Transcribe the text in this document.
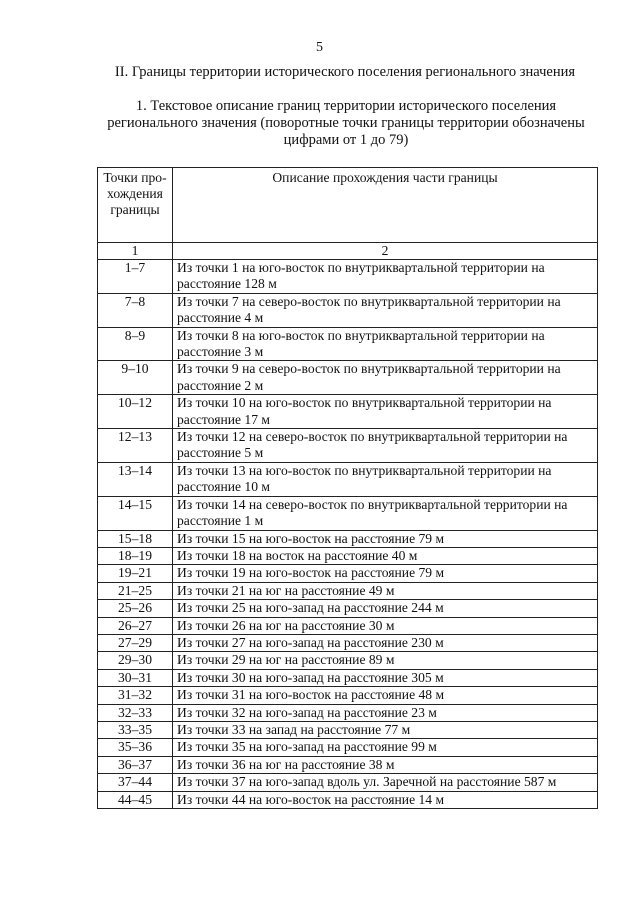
5
II. Границы территории исторического поселения регионального значения
1. Текстовое описание границ территории исторического поселения регионального значения (поворотные точки границы территории обозначены цифрами от 1 до 79)
Точки про-хождения границы	Описание прохождения части границы
1	2
1–7	Из точки 1 на юго-восток по внутриквартальной территории на расстояние 128 м
7–8	Из точки 7 на северо-восток по внутриквартальной территории на расстояние 4 м
8–9	Из точки 8 на юго-восток по внутриквартальной территории на расстояние 3 м
9–10	Из точки 9 на северо-восток по внутриквартальной территории на расстояние 2 м
10–12	Из точки 10 на юго-восток по внутриквартальной территории на расстояние 17 м
12–13	Из точки 12 на северо-восток по внутриквартальной территории на расстояние 5 м
13–14	Из точки 13 на юго-восток по внутриквартальной территории на расстояние 10 м
14–15	Из точки 14 на северо-восток по внутриквартальной территории на расстояние 1 м
15–18	Из точки 15 на юго-восток на расстояние 79 м
18–19	Из точки 18 на восток на расстояние 40 м
19–21	Из точки 19 на юго-восток на расстояние 79 м
21–25	Из точки 21 на юг на расстояние 49 м
25–26	Из точки 25 на юго-запад на расстояние 244 м
26–27	Из точки 26 на юг на расстояние 30 м
27–29	Из точки 27 на юго-запад на расстояние 230 м
29–30	Из точки 29 на юг на расстояние 89 м
30–31	Из точки 30 на юго-запад на расстояние 305 м
31–32	Из точки 31 на юго-восток на расстояние 48 м
32–33	Из точки 32 на юго-запад на расстояние 23 м
33–35	Из точки 33 на запад на расстояние 77 м
35–36	Из точки 35 на юго-запад на расстояние 99 м
36–37	Из точки 36 на юг на расстояние 38 м
37–44	Из точки 37 на юго-запад вдоль ул. Заречной на расстояние 587 м
44–45	Из точки 44 на юго-восток на расстояние 14 м
